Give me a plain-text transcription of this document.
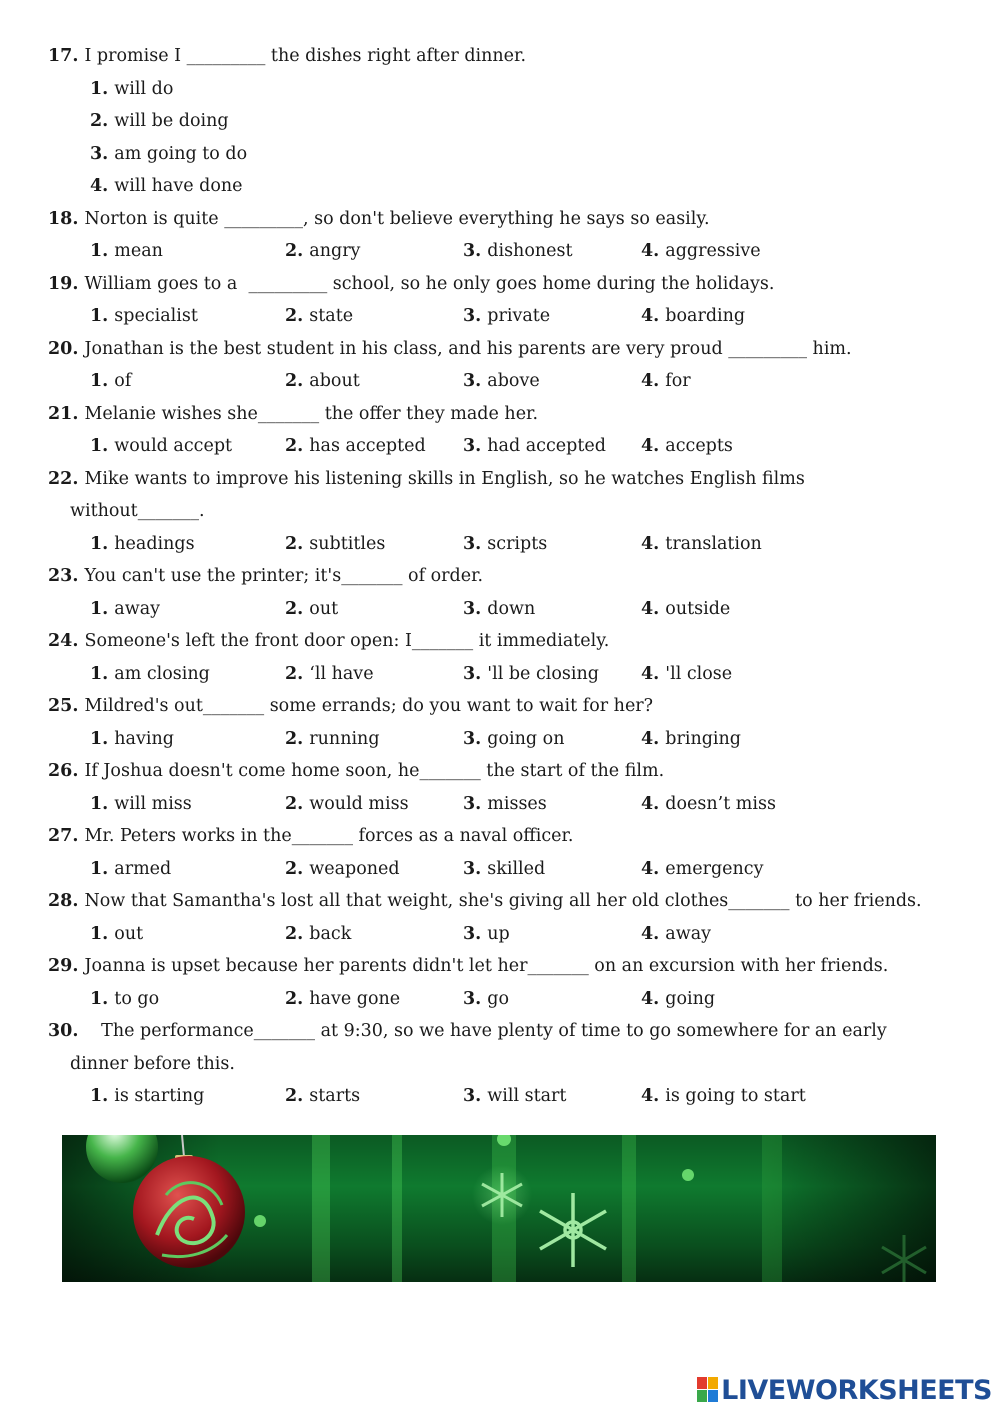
17. I promise I _________ the dishes right after dinner.
1. will do
2. will be doing
3. am going to do
4. will have done
18. Norton is quite _________, so don't believe everything he says so easily.
1. mean	2. angry	3. dishonest	4. aggressive
19. William goes to a  _________ school, so he only goes home during the holidays.
1. specialist	2. state	3. private	4. boarding
20. Jonathan is the best student in his class, and his parents are very proud _________ him.
1. of	2. about	3. above	4. for
21. Melanie wishes she_______ the offer they made her.
1. would accept	2. has accepted 3. had accepted 4. accepts
22. Mike wants to improve his listening skills in English, so he watches English films
without_______.
1. headings	2. subtitles	3. scripts	4. translation
23. You can't use the printer; it's_______ of order.
1. away	2. out	3. down	4. outside
24. Someone's left the front door open: I_______ it immediately.
1. am closing	2. ‘ll have	3. 'll be closing 4. 'll close
25. Mildred's out_______ some errands; do you want to wait for her?
1. having	2. running	3. going on	4. bringing
26. If Joshua doesn't come home soon, he_______ the start of the film.
1. will miss	2. would miss	3. misses	4. doesn’t miss
27. Mr. Peters works in the_______ forces as a naval officer.
1. armed	2. weaponed	3. skilled	4. emergency
28. Now that Samantha's lost all that weight, she's giving all her old clothes_______ to her friends.
1. out	2. back	3. up	4. away
29. Joanna is upset because her parents didn't let her_______ on an excursion with her friends.
1. to go	2. have gone	3. go	4. going
30.   The performance_______ at 9:30, so we have plenty of time to go somewhere for an early
dinner before this.
1. is starting	2. starts	3. will start	4. is going to start
LIVEWORKSHEETS
